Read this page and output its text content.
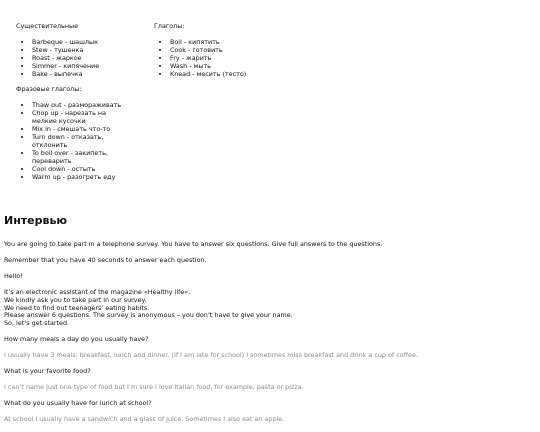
Существительные
• Barbeque - шашлык
• Stew - тушенка
• Roast - жаркое
• Simmer - кипячение
• Bake - выпечка
Фразовые глаголы:
• Thaw out - размораживать
• Chop up - нарезать на мелкие кусочки
• Mix in - смешать что-то
• Turn down - отказать, отклонить
• To boil over - закипеть, переварить
• Cool down - остыть
• Warm up - разогреть еду
Глаголы:
• Boil - кипятить
• Cook - готовить
• Fry - жарить
• Wash - мыть
• Knead - месить (тесто)
Интервью

You are going to take part in a telephone survey. You have to answer six questions. Give full answers to the questions.

Remember that you have 40 seconds to answer each question.

Hello!

It’s an electronic assistant of the magazine «Healthy life».

We kindly ask you to take part in our survey.

We need to find out teenagers’ eating habits.

Please answer 6 questions. The survey is anonymous – you don’t have to give your name.

So, let’s get started.

How many meals a day do you usually have?

I usually have 3 meals: breakfast, lunch and dinner. (If I am late for school) I sometimes miss breakfast and drink a cup of coffee.

What is your favorite food?

I can’t name just one type of food but I’m sure I love Italian food, for example, pasta or pizza.

What do you usually have for lunch at school?

At school I usually have a sandwich and a glass of juice. Sometimes I also eat an apple.
